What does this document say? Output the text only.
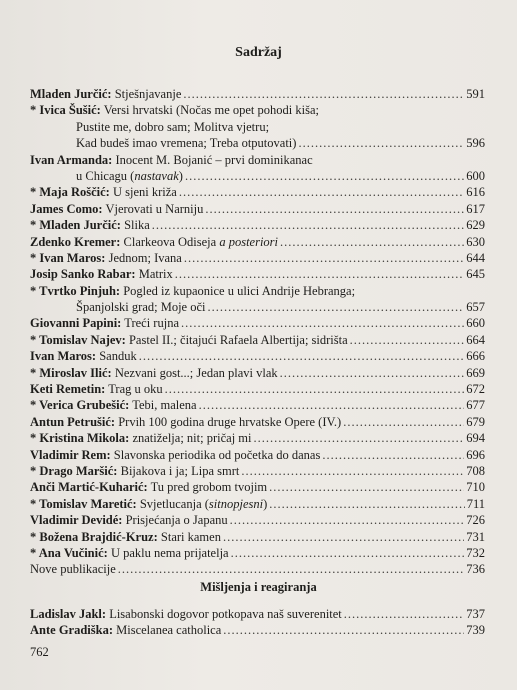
Sadržaj
Mladen Jurčić: Stješnjavanje .....	591
* Ivica Šušić: Versi hrvatski (Nočas me opet pohodi kiša;
Pustite me, dobro sam; Molitva vjetru;
Kad budeš imao vremena; Treba otputovati) .....	596
Ivan Armanda: Inocent M. Bojanić – prvi dominikanac
u Chicagu (nastavak) .....	600
* Maja Roščić: U sjeni križa .....	616
James Como: Vjerovati u Narniju .....	617
* Mladen Jurčić: Slika .....	629
Zdenko Kremer: Clarkeova Odiseja a posteriori .....	630
* Ivan Maros: Jednom; Ivana .....	644
Josip Sanko Rabar: Matrix .....	645
* Tvrtko Pinjuh: Pogled iz kupaonice u ulici Andrije Hebranga;
Španjolski grad; Moje oči .....	657
Giovanni Papini: Treći rujna .....	660
* Tomislav Najev: Pastel II.; čitajući Rafaela Albertija; sidrišta .....	664
Ivan Maros: Sanduk .....	666
* Miroslav Ilić: Nezvani gost...; Jedan plavi vlak .....	669
Keti Remetin: Trag u oku .....	672
* Verica Grubešić: Tebi, malena .....	677
Antun Petrušić: Prvih 100 godina druge hrvatske Opere (IV.) .....	679
* Kristina Mikola: znatiželja; nit; pričaj mi .....	694
Vladimir Rem: Slavonska periodika od početka do danas .....	696
* Drago Maršić: Bijakova i ja; Lipa smrt .....	708
Anči Martić-Kuharić: Tu pred grobom tvojim .....	710
* Tomislav Maretić: Svjetlucanja (sitnopjesni) .....	711
Vladimir Devidé: Prisjećanja o Japanu .....	726
* Božena Brajdić-Kruz: Stari kamen .....	731
* Ana Vučinić: U paklu nema prijatelja .....	732
Nove publikacije .....	736
Mišljenja i reagiranja
Ladislav Jakl: Lisabonski dogovor potkopava naš suverenitet .....	737
Ante Gradiška: Miscelanea catholica .....	739
762
